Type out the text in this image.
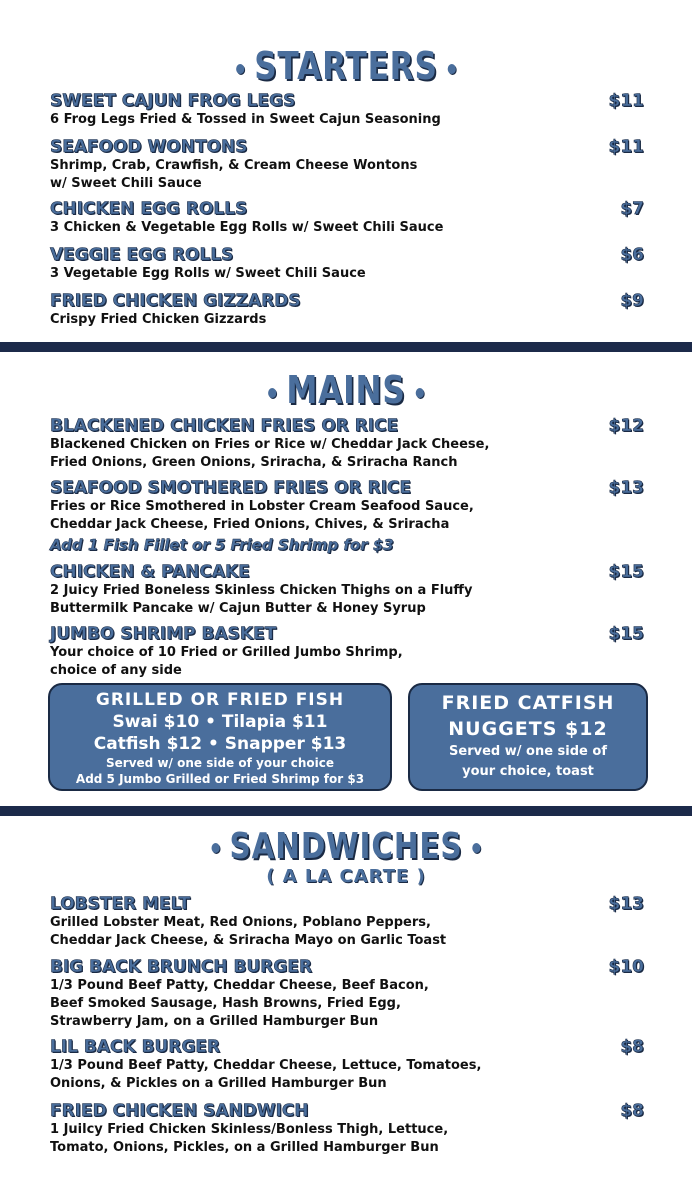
STARTERS
SWEET CAJUN FROG LEGS	$11
6 Frog Legs Fried & Tossed in Sweet Cajun Seasoning
SEAFOOD WONTONS	$11
Shrimp, Crab, Crawfish, & Cream Cheese Wontons
w/ Sweet Chili Sauce
CHICKEN EGG ROLLS	$7
3 Chicken & Vegetable Egg Rolls w/ Sweet Chili Sauce
VEGGIE EGG ROLLS	$6
3 Vegetable Egg Rolls w/ Sweet Chili Sauce
FRIED CHICKEN GIZZARDS	$9
Crispy Fried Chicken Gizzards
MAINS
BLACKENED CHICKEN FRIES OR RICE	$12
Blackened Chicken on Fries or Rice w/ Cheddar Jack Cheese,
Fried Onions, Green Onions, Sriracha, & Sriracha Ranch
SEAFOOD SMOTHERED FRIES OR RICE	$13
Fries or Rice Smothered in Lobster Cream Seafood Sauce,
Cheddar Jack Cheese, Fried Onions, Chives, & Sriracha
Add 1 Fish Fillet or 5 Fried Shrimp for $3
CHICKEN & PANCAKE	$15
2 Juicy Fried Boneless Skinless Chicken Thighs on a Fluffy
Buttermilk Pancake w/ Cajun Butter & Honey Syrup
JUMBO SHRIMP BASKET	$15
Your choice of 10 Fried or Grilled Jumbo Shrimp,
choice of any side
GRILLED OR FRIED FISH
Swai $10 • Tilapia $11
Catfish $12 • Snapper $13
Served w/ one side of your choice
Add 5 Jumbo Grilled or Fried Shrimp for $3
FRIED CATFISH
NUGGETS $12
Served w/ one side of
your choice, toast
SANDWICHES
( A LA CARTE )
LOBSTER MELT	$13
Grilled Lobster Meat, Red Onions, Poblano Peppers,
Cheddar Jack Cheese, & Sriracha Mayo on Garlic Toast
BIG BACK BRUNCH BURGER	$10
1/3 Pound Beef Patty, Cheddar Cheese, Beef Bacon,
Beef Smoked Sausage, Hash Browns, Fried Egg,
Strawberry Jam, on a Grilled Hamburger Bun
LIL BACK BURGER	$8
1/3 Pound Beef Patty, Cheddar Cheese, Lettuce, Tomatoes,
Onions, & Pickles on a Grilled Hamburger Bun
FRIED CHICKEN SANDWICH	$8
1 Juilcy Fried Chicken Skinless/Bonless Thigh, Lettuce,
Tomato, Onions, Pickles, on a Grilled Hamburger Bun
